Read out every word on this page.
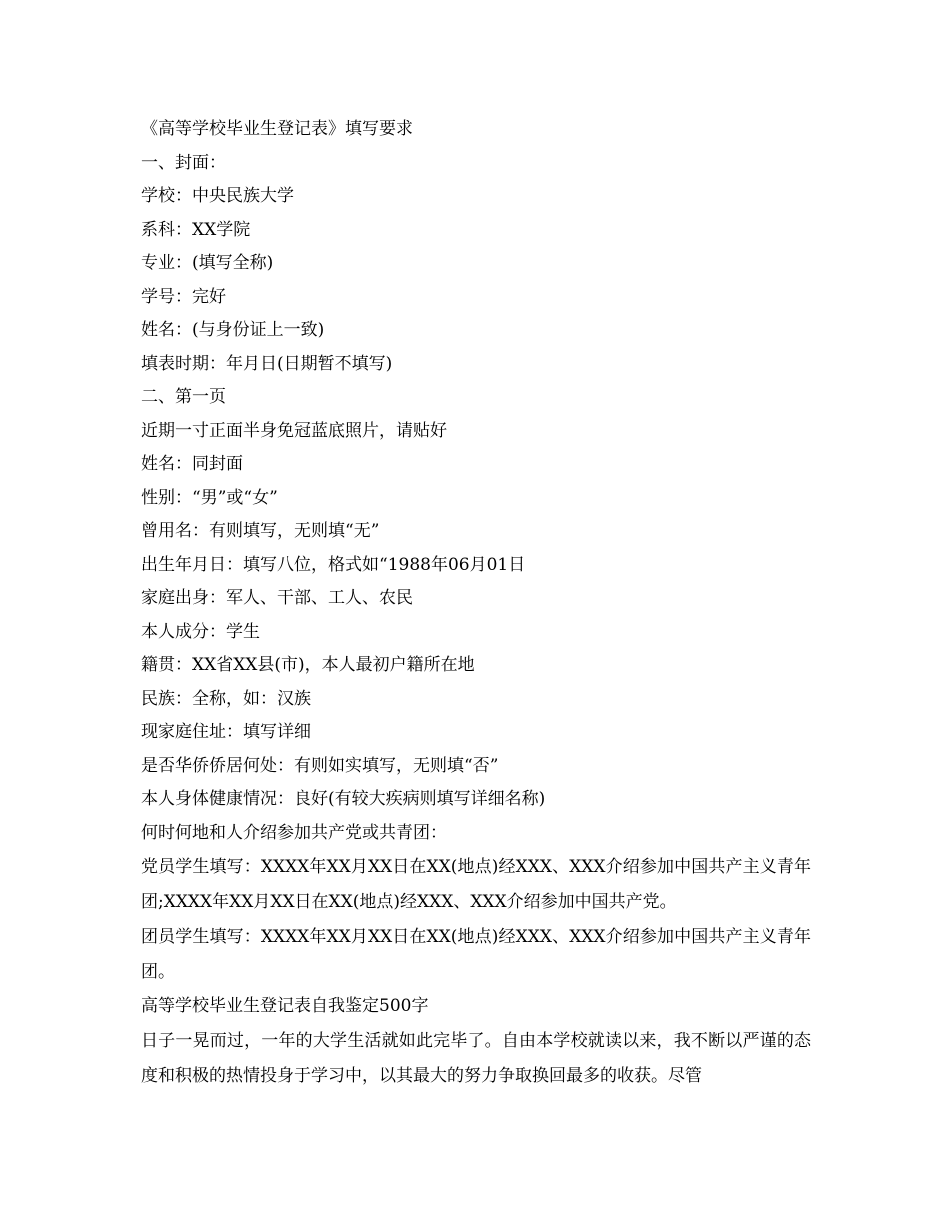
《高等学校毕业生登记表》填写要求
一、封面：
学校：中央民族大学
系科：XX学院
专业：(填写全称)
学号：完好
姓名：(与身份证上一致)
填表时期：年月日(日期暂不填写)
二、第一页
近期一寸正面半身免冠蓝底照片，请贴好
姓名：同封面
性别：“男”或“女”
曾用名：有则填写，无则填“无”
出生年月日：填写八位，格式如“1988年06月01日
家庭出身：军人、干部、工人、农民
本人成分：学生
籍贯：XX省XX县(市)，本人最初户籍所在地
民族：全称，如：汉族
现家庭住址：填写详细
是否华侨侨居何处：有则如实填写，无则填“否”
本人身体健康情况：良好(有较大疾病则填写详细名称)
何时何地和人介绍参加共产党或共青团：
党员学生填写：XXXX年XX月XX日在XX(地点)经XXX、XXX介绍参加中国共产主义青年团;XXXX年XX月XX日在XX(地点)经XXX、XXX介绍参加中国共产党。
团员学生填写：XXXX年XX月XX日在XX(地点)经XXX、XXX介绍参加中国共产主义青年团。
高等学校毕业生登记表自我鉴定500字
日子一晃而过，一年的大学生活就如此完毕了。自由本学校就读以来，我不断以严谨的态度和积极的热情投身于学习中，以其最大的努力争取换回最多的收获。尽管
